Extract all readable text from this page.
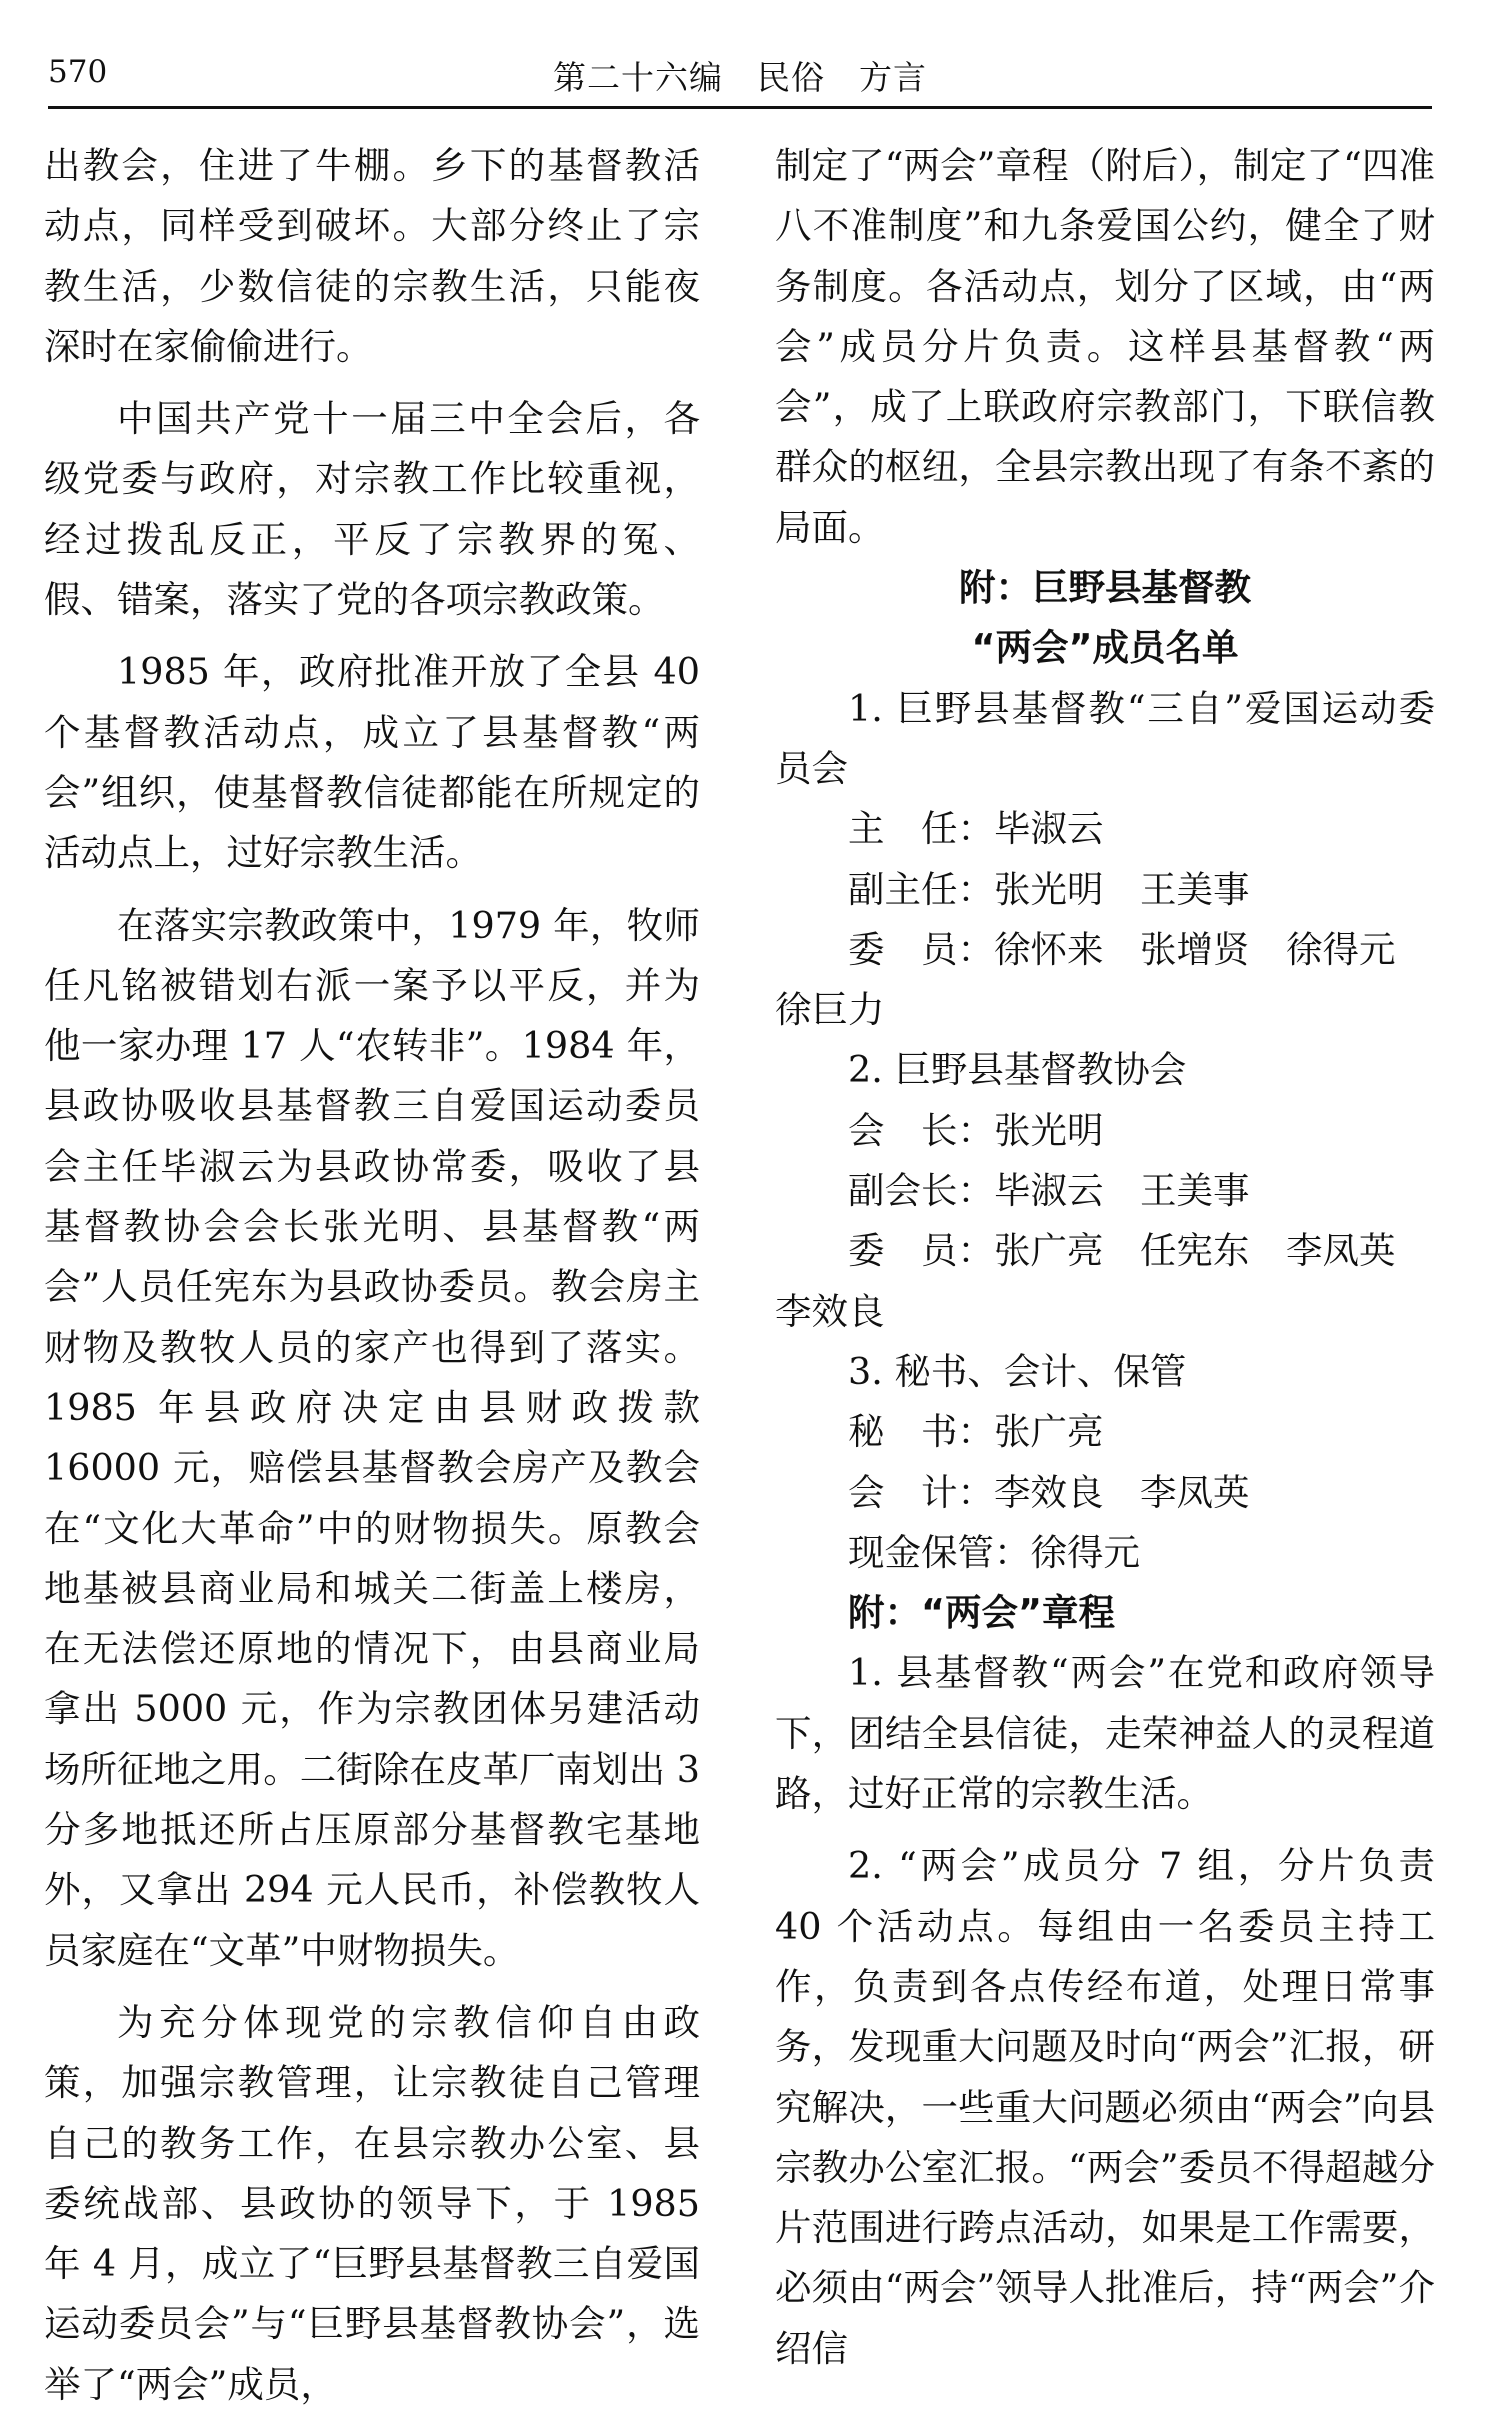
570	第二十六编　民俗　方言

出教会，住进了牛棚。乡下的基督教活动点，同样受到破坏。大部分终止了宗教生活，少数信徒的宗教生活，只能夜深时在家偷偷进行。

中国共产党十一届三中全会后，各级党委与政府，对宗教工作比较重视，经过拨乱反正，平反了宗教界的冤、假、错案，落实了党的各项宗教政策。

1985 年，政府批准开放了全县 40 个基督教活动点，成立了县基督教“两会”组织，使基督教信徒都能在所规定的活动点上，过好宗教生活。

在落实宗教政策中，1979 年，牧师任凡铭被错划右派一案予以平反，并为他一家办理 17 人“农转非”。1984 年，县政协吸收县基督教三自爱国运动委员会主任毕淑云为县政协常委，吸收了县基督教协会会长张光明、县基督教“两会”人员任宪东为县政协委员。教会房主财物及教牧人员的家产也得到了落实。1985 年县政府决定由县财政拨款 16000 元，赔偿县基督教会房产及教会在“文化大革命”中的财物损失。原教会地基被县商业局和城关二街盖上楼房，在无法偿还原地的情况下，由县商业局拿出 5000 元，作为宗教团体另建活动场所征地之用。二街除在皮革厂南划出 3 分多地抵还所占压原部分基督教宅基地外，又拿出 294 元人民币，补偿教牧人员家庭在“文革”中财物损失。

为充分体现党的宗教信仰自由政策，加强宗教管理，让宗教徒自己管理自己的教务工作，在县宗教办公室、县委统战部、县政协的领导下，于 1985 年 4 月，成立了“巨野县基督教三自爱国运动委员会”与“巨野县基督教协会”，选举了“两会”成员，

制定了“两会”章程（附后），制定了“四准八不准制度”和九条爱国公约，健全了财务制度。各活动点，划分了区域，由“两会”成员分片负责。这样县基督教“两会”，成了上联政府宗教部门，下联信教群众的枢纽，全县宗教出现了有条不紊的局面。

附：巨野县基督教

“两会”成员名单

1. 巨野县基督教“三自”爱国运动委员会

主　任：毕淑云

副主任：张光明　王美事

委　员：徐怀来　张增贤　徐得元

徐巨力

2. 巨野县基督教协会

会　长：张光明

副会长：毕淑云　王美事

委　员：张广亮　任宪东　李凤英

李效良

3. 秘书、会计、保管

秘　书：张广亮

会　计：李效良　李凤英

现金保管：徐得元

附：“两会”章程

1. 县基督教“两会”在党和政府领导下，团结全县信徒，走荣神益人的灵程道路，过好正常的宗教生活。

2. “两会”成员分 7 组，分片负责 40 个活动点。每组由一名委员主持工作，负责到各点传经布道，处理日常事务，发现重大问题及时向“两会”汇报，研究解决，一些重大问题必须由“两会”向县宗教办公室汇报。“两会”委员不得超越分片范围进行跨点活动，如果是工作需要，必须由“两会”领导人批准后，持“两会”介绍信
